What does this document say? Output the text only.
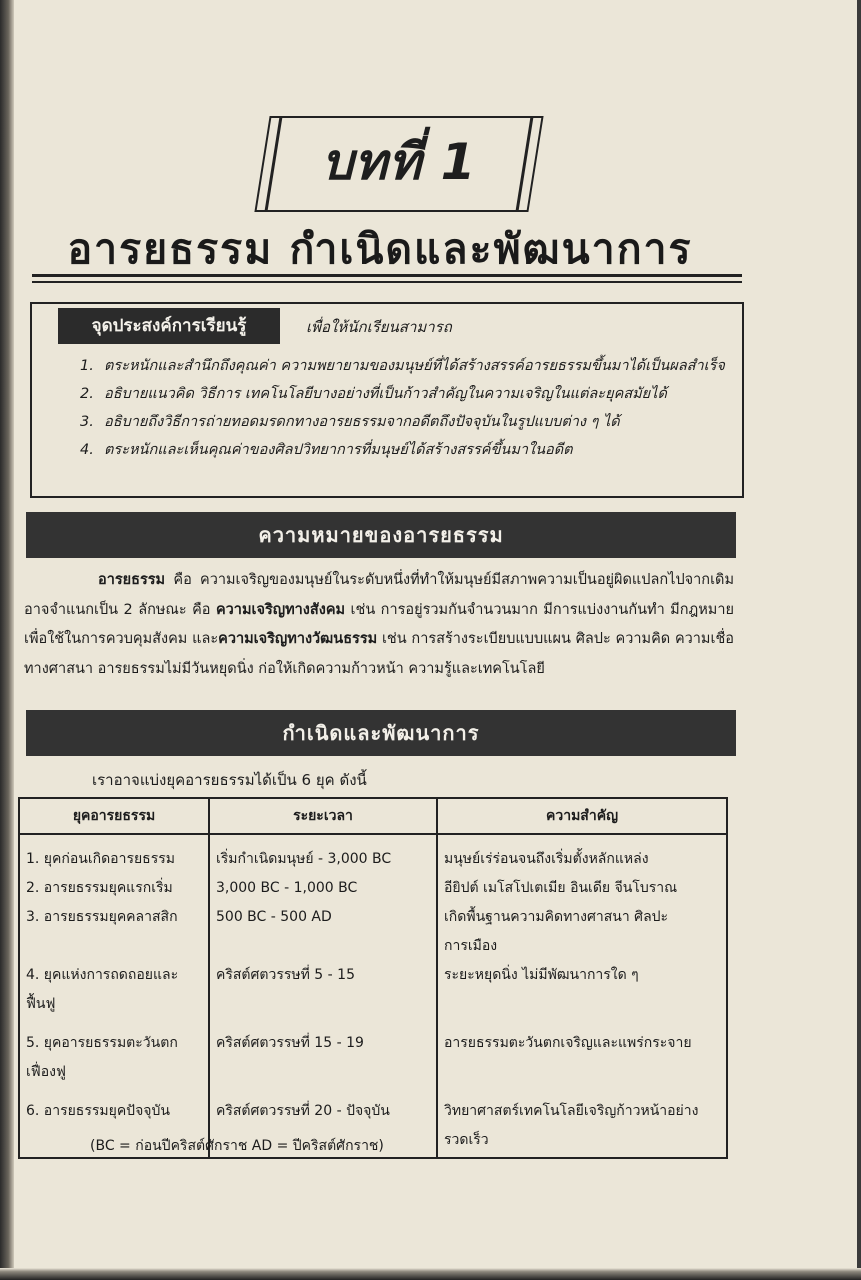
บทที่ 1
อารยธรรม กำเนิดและพัฒนาการ
จุดประสงค์การเรียนรู้	เพื่อให้นักเรียนสามารถ
1. ตระหนักและสำนึกถึงคุณค่า ความพยายามของมนุษย์ที่ได้สร้างสรรค์อารยธรรมขึ้นมาได้เป็นผลสำเร็จ
2. อธิบายแนวคิด วิธีการ เทคโนโลยีบางอย่างที่เป็นก้าวสำคัญในความเจริญในแต่ละยุคสมัยได้
3. อธิบายถึงวิธีการถ่ายทอดมรดกทางอารยธรรมจากอดีตถึงปัจจุบันในรูปแบบต่าง ๆ ได้
4. ตระหนักและเห็นคุณค่าของศิลปวิทยาการที่มนุษย์ได้สร้างสรรค์ขึ้นมาในอดีต
ความหมายของอารยธรรม
อารยธรรม คือ ความเจริญของมนุษย์ในระดับหนึ่งที่ทำให้มนุษย์มีสภาพความเป็นอยู่ผิดแปลกไปจากเดิม อาจจำแนกเป็น 2 ลักษณะ คือ ความเจริญทางสังคม เช่น การอยู่รวมกันจำนวนมาก มีการแบ่งงานกันทำ มีกฎหมายเพื่อใช้ในการควบคุมสังคม และความเจริญทางวัฒนธรรม เช่น การสร้างระเบียบแบบแผน ศิลปะ ความคิด ความเชื่อทางศาสนา อารยธรรมไม่มีวันหยุดนิ่ง ก่อให้เกิดความก้าวหน้า ความรู้และเทคโนโลยี
กำเนิดและพัฒนาการ
เราอาจแบ่งยุคอารยธรรมได้เป็น 6 ยุค ดังนี้
ยุคอารยธรรม	ระยะเวลา	ความสำคัญ
1. ยุคก่อนเกิดอารยธรรม	เริ่มกำเนิดมนุษย์ - 3,000 BC	มนุษย์เร่ร่อนจนถึงเริ่มตั้งหลักแหล่ง
2. อารยธรรมยุคแรกเริ่ม	3,000 BC - 1,000 BC	อียิปต์ เมโสโปเตเมีย อินเดีย จีนโบราณ
3. อารยธรรมยุคคลาสสิก	500 BC - 500 AD	เกิดพื้นฐานความคิดทางศาสนา ศิลปะ การเมือง
4. ยุคแห่งการถดถอยและฟื้นฟู	คริสต์ศตวรรษที่ 5 - 15	ระยะหยุดนิ่ง ไม่มีพัฒนาการใด ๆ

5. ยุคอารยธรรมตะวันตกเฟื่องฟู	คริสต์ศตวรรษที่ 15 - 19	อารยธรรมตะวันตกเจริญและแพร่กระจาย

6. อารยธรรมยุคปัจจุบัน	คริสต์ศตวรรษที่ 20 - ปัจจุบัน	วิทยาศาสตร์เทคโนโลยีเจริญก้าวหน้าอย่างรวดเร็ว
(BC = ก่อนปีคริสต์ศักราช AD = ปีคริสต์ศักราช)
